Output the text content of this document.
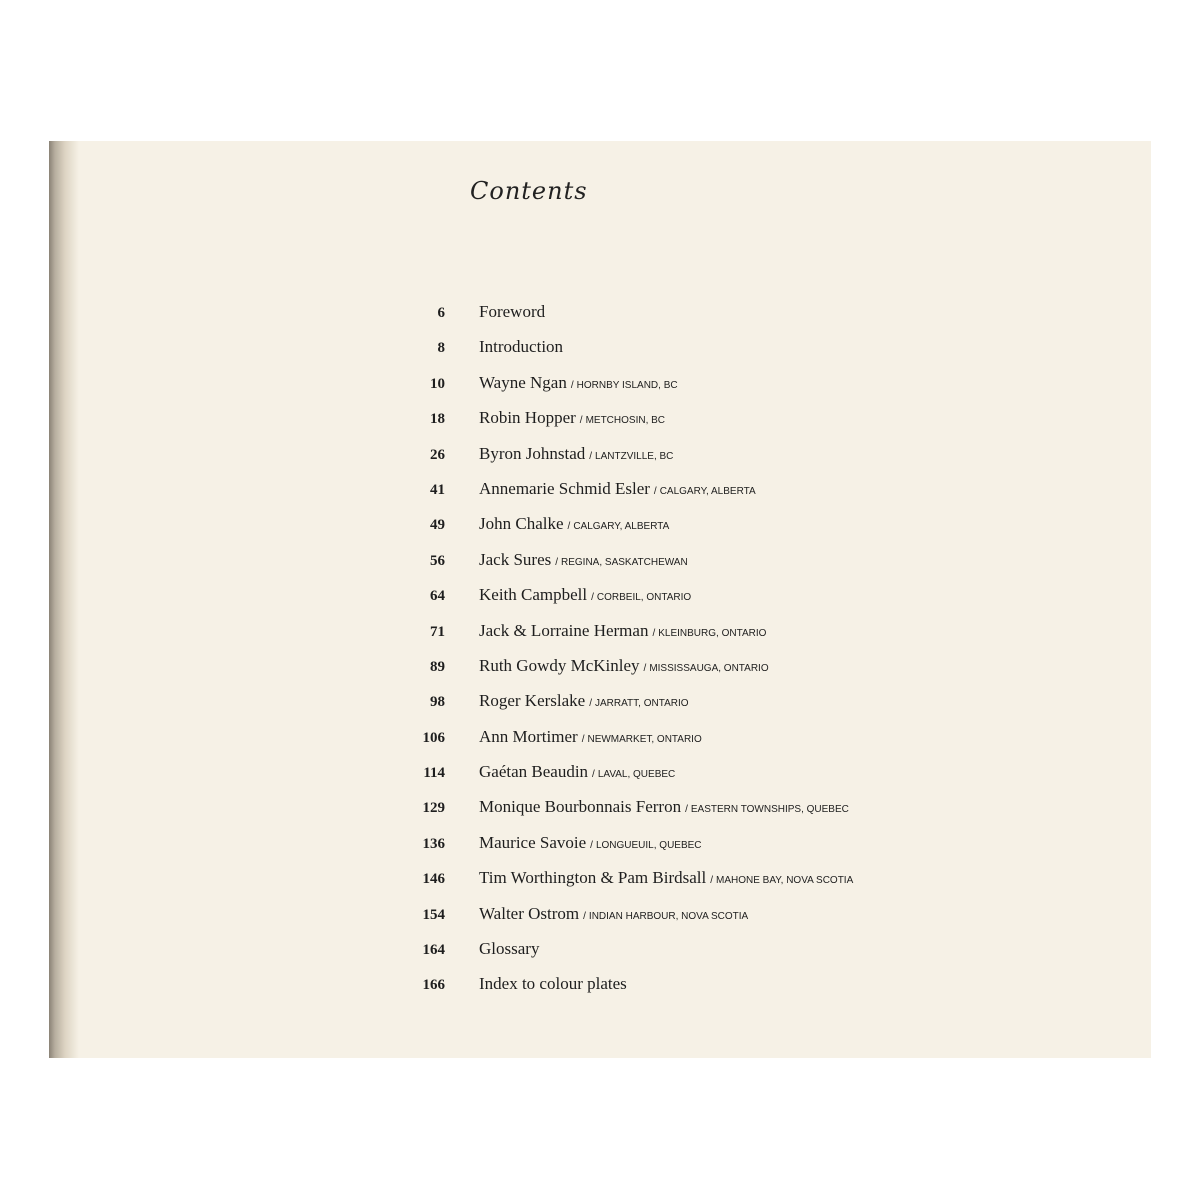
Contents
6 Foreword
8 Introduction
10 Wayne Ngan / HORNBY ISLAND, BC
18 Robin Hopper / METCHOSIN, BC
26 Byron Johnstad / LANTZVILLE, BC
41 Annemarie Schmid Esler / CALGARY, ALBERTA
49 John Chalke / CALGARY, ALBERTA
56 Jack Sures / REGINA, SASKATCHEWAN
64 Keith Campbell / CORBEIL, ONTARIO
71 Jack & Lorraine Herman / KLEINBURG, ONTARIO
89 Ruth Gowdy McKinley / MISSISSAUGA, ONTARIO
98 Roger Kerslake / JARRATT, ONTARIO
106 Ann Mortimer / NEWMARKET, ONTARIO
114 Gaétan Beaudin / LAVAL, QUEBEC
129 Monique Bourbonnais Ferron / EASTERN TOWNSHIPS, QUEBEC
136 Maurice Savoie / LONGUEUIL, QUEBEC
146 Tim Worthington & Pam Birdsall / MAHONE BAY, NOVA SCOTIA
154 Walter Ostrom / INDIAN HARBOUR, NOVA SCOTIA
164 Glossary
166 Index to colour plates
